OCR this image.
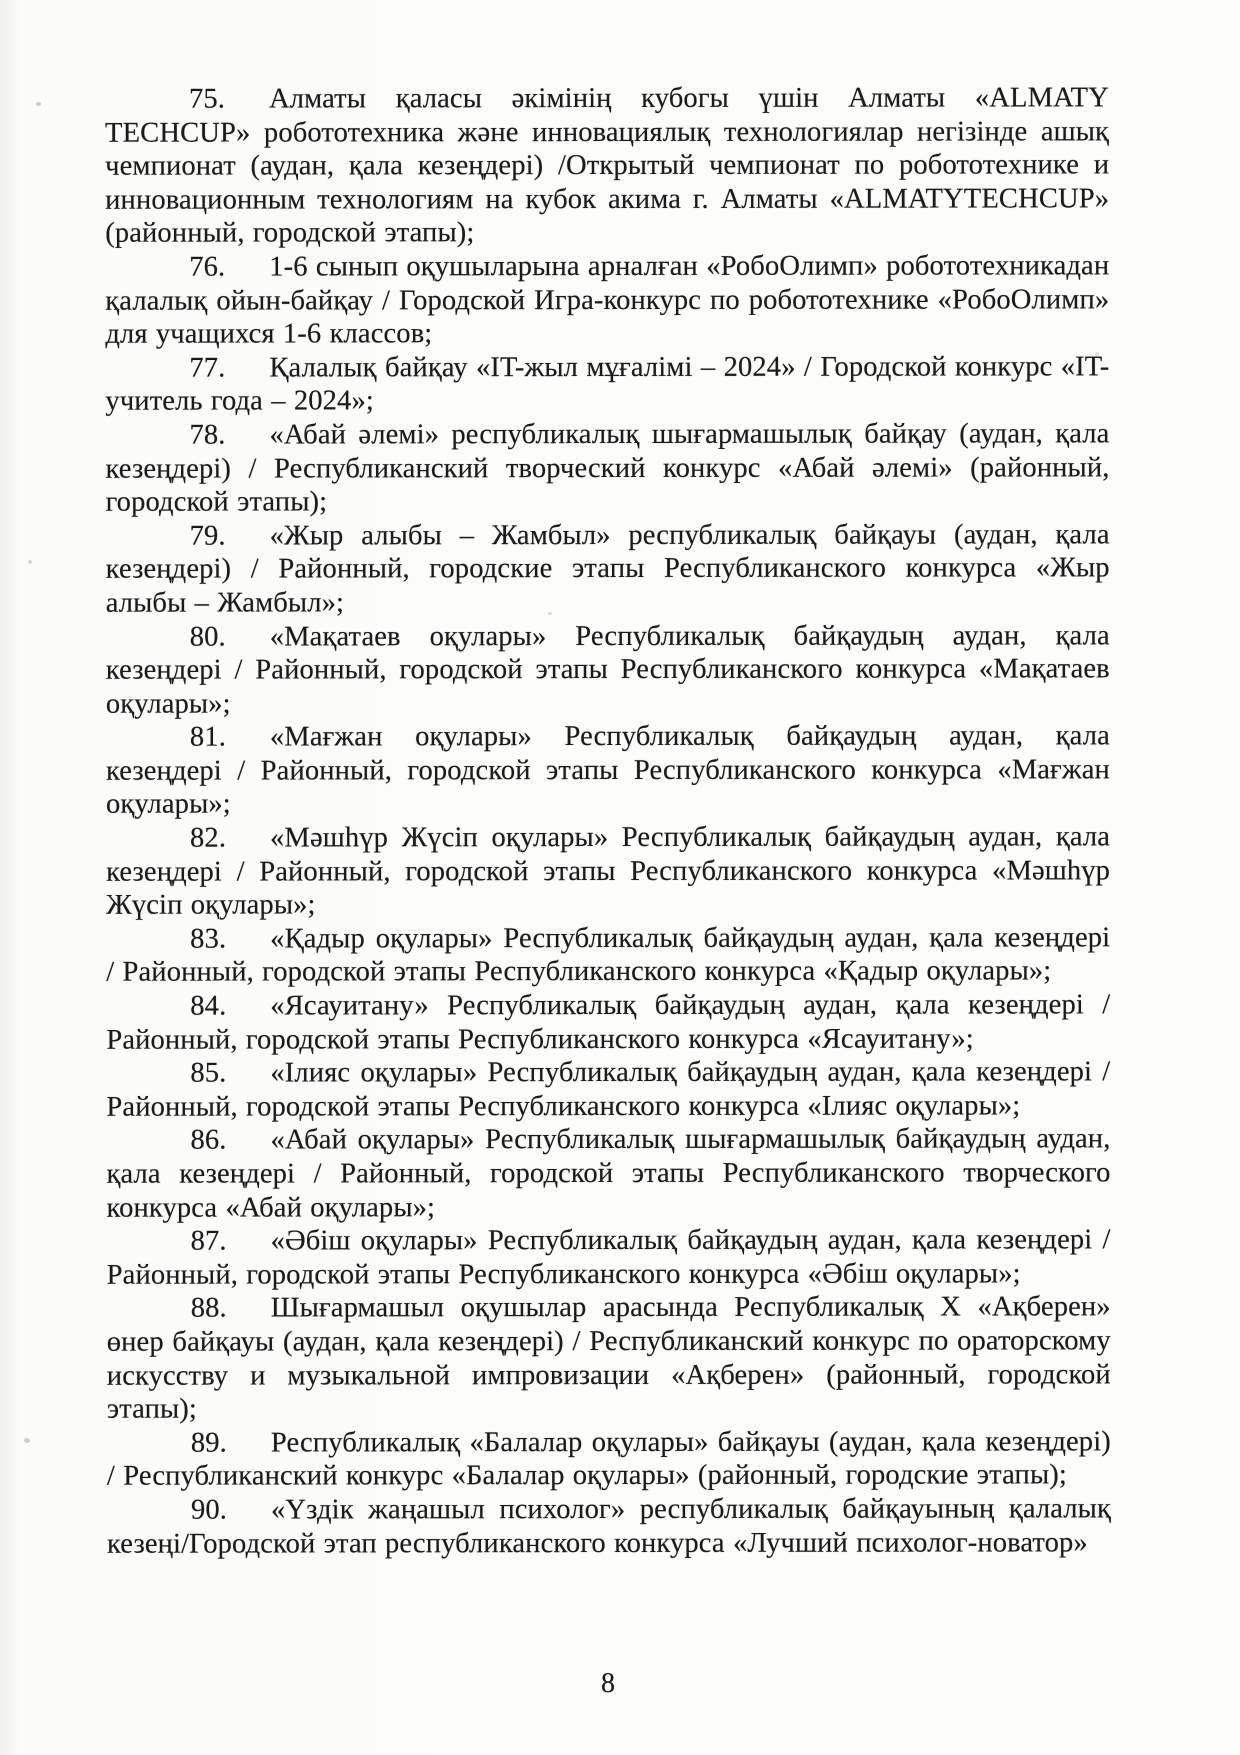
75. Алматы қаласы әкімінің кубогы үшін Алматы «ALMATY TECHCUP» робототехника және инновациялық технологиялар негізінде ашық чемпионат (аудан, қала кезеңдері) /Открытый чемпионат по робототехнике и инновационным технологиям на кубок акима г. Алматы «ALMATYTECHCUP» (районный, городской этапы);

76. 1-6 сынып оқушыларына арналған «РобоОлимп» робототехникадан қалалық ойын-байқау / Городской Игра-конкурс по робототехнике «РобоОлимп» для учащихся 1-6 классов;

77. Қалалық байқау «IT-жыл мұғалімі – 2024» / Городской конкурс «IT-учитель года – 2024»;

78. «Абай әлемі» республикалық шығармашылық байқау (аудан, қала кезеңдері) / Республиканский творческий конкурс «Абай әлемі» (районный, городской этапы);

79. «Жыр алыбы – Жамбыл» республикалық байқауы (аудан, қала кезеңдері) / Районный, городские этапы Республиканского конкурса «Жыр алыбы – Жамбыл»;

80. «Мақатаев оқулары» Республикалық байқаудың аудан, қала кезеңдері / Районный, городской этапы Республиканского конкурса «Мақатаев оқулары»;

81. «Мағжан оқулары» Республикалық байқаудың аудан, қала кезеңдері / Районный, городской этапы Республиканского конкурса «Мағжан оқулары»;

82. «Мәшһүр Жүсіп оқулары» Республикалық байқаудың аудан, қала кезеңдері / Районный, городской этапы Республиканского конкурса «Мәшһүр Жүсіп оқулары»;

83. «Қадыр оқулары» Республикалық байқаудың аудан, қала кезеңдері / Районный, городской этапы Республиканского конкурса «Қадыр оқулары»;

84. «Ясауитану» Республикалық байқаудың аудан, қала кезеңдері / Районный, городской этапы Республиканского конкурса «Ясауитану»;

85. «Ілияс оқулары» Республикалық байқаудың аудан, қала кезеңдері / Районный, городской этапы Республиканского конкурса «Ілияс оқулары»;

86. «Абай оқулары» Республикалық шығармашылық байқаудың аудан, қала кезеңдері / Районный, городской этапы Республиканского творческого конкурса «Абай оқулары»;

87. «Әбіш оқулары» Республикалық байқаудың аудан, қала кезеңдері / Районный, городской этапы Республиканского конкурса «Әбіш оқулары»;

88. Шығармашыл оқушылар арасында Республикалық X «Ақберен» өнер байқауы (аудан, қала кезеңдері) / Республиканский конкурс по ораторскому искусству и музыкальной импровизации «Ақберен» (районный, городской этапы);

89. Республикалық «Балалар оқулары» байқауы (аудан, қала кезеңдері) / Республиканский конкурс «Балалар оқулары» (районный, городские этапы);

90. «Үздік жаңашыл психолог» республикалық байқауының қалалық кезеңі/Городской этап республиканского конкурса «Лучший психолог-новатор»

8
